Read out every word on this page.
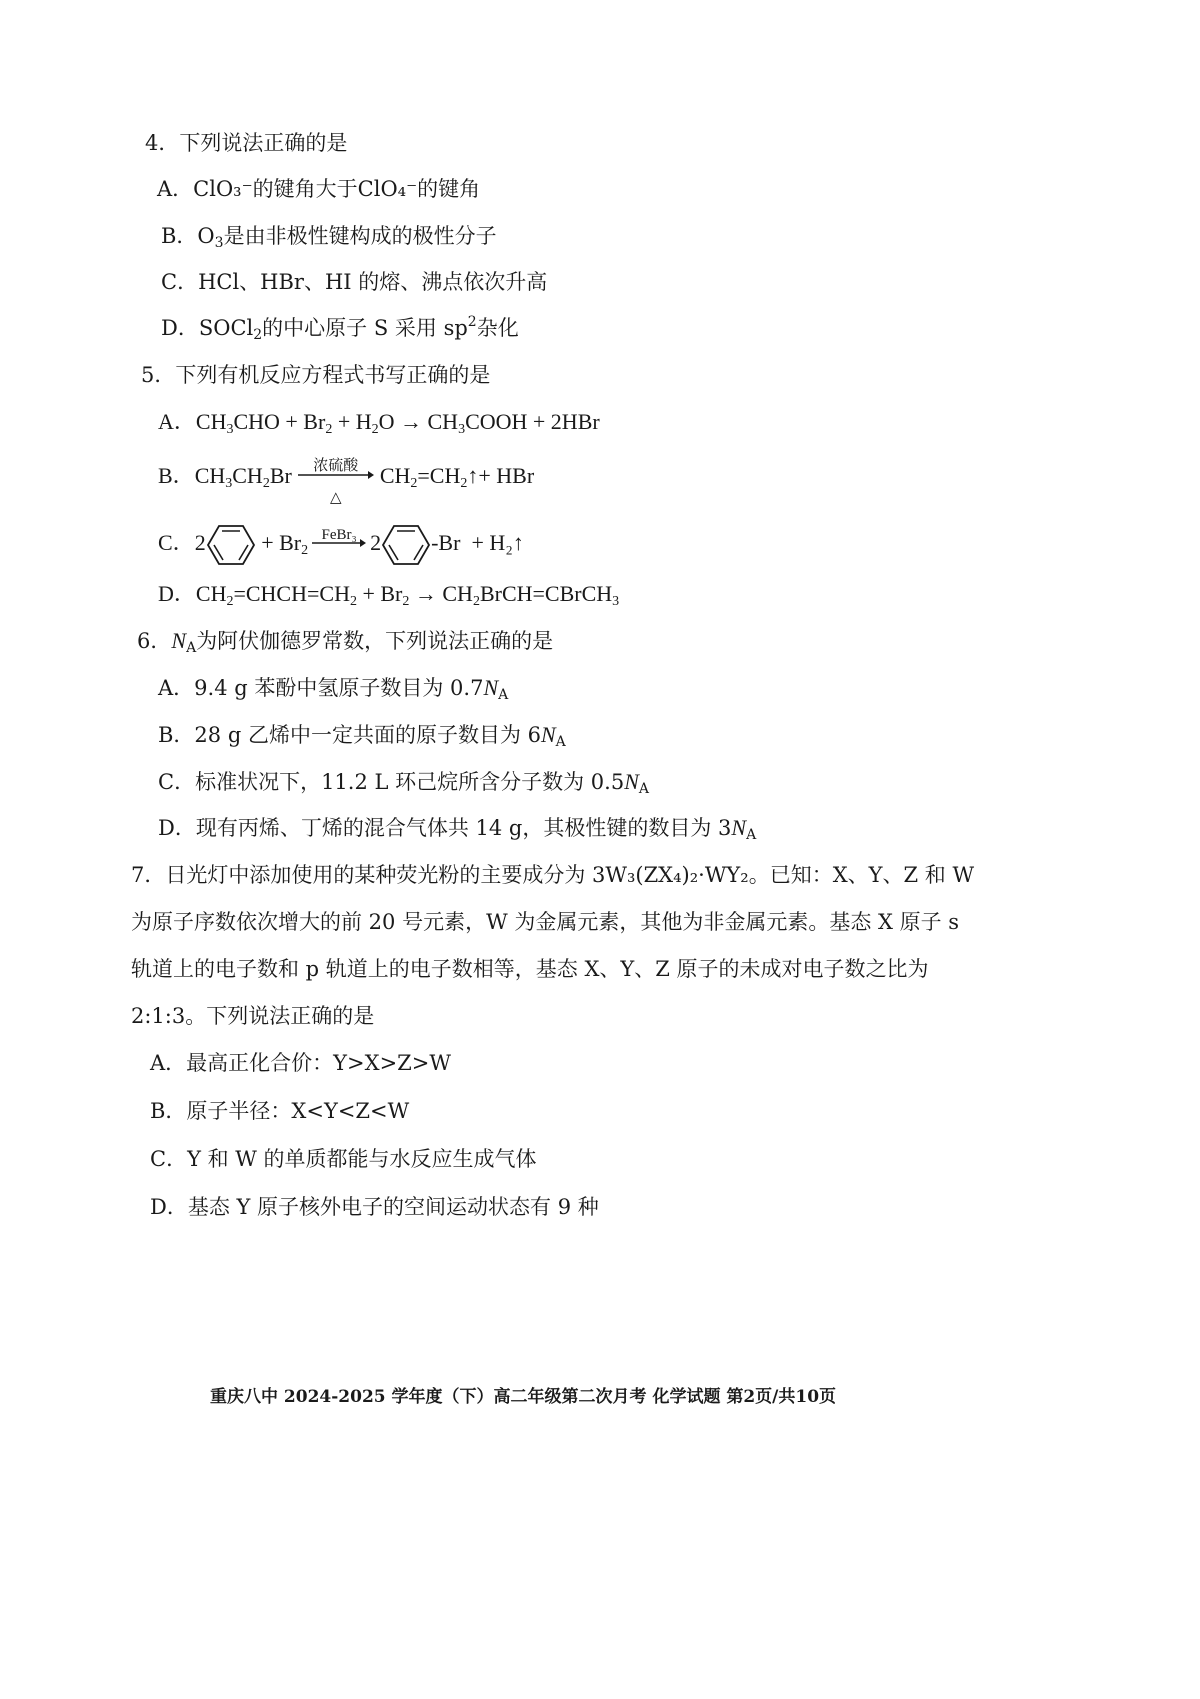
4．下列说法正确的是
A．ClO₃⁻的键角大于ClO₄⁻的键角
B．$O_3$是由非极性键构成的极性分子
C．HCl、HBr、HI 的熔、沸点依次升高
D．SOCl$_2$的中心原子 S 采用 $sp^2$杂化
5．下列有机反应方程式书写正确的是
A．$CH_3CHO + Br_2 + H_2O$ → $CH_3COOH + 2HBr$
B．$CH_3CH_2Br$	浓硫酸
△
$CH_2=CH_2↑+$ HBr
C．2	+ $Br_2$
FeBr₃ 2 -Br + H₂↑
D．$CH_2=CHCH=CH_2 + Br_2$ → $CH_2BrCH=CBrCH_3$
6．$N_A$为阿伏伽德罗常数，下列说法正确的是
A．9.4 g 苯酚中氢原子数目为 $0.7N_A$
B．28 g 乙烯中一定共面的原子数目为 $6N_A$
C．标准状况下，11.2 L 环己烷所含分子数为 $0.5N_A$
D．现有丙烯、丁烯的混合气体共 14 g，其极性键的数目为 $3N_A$
7．日光灯中添加使用的某种荧光粉的主要成分为 3W₃(ZX₄)₂·WY₂。已知：X、Y、Z 和 W
为原子序数依次增大的前 20 号元素，W 为金属元素，其他为非金属元素。基态 X 原子 s
轨道上的电子数和 p 轨道上的电子数相等，基态 X、Y、Z 原子的未成对电子数之比为
2:1:3。下列说法正确的是
A．最高正化合价：Y>X>Z>W
B．原子半径：X<Y<Z<W
C．Y 和 W 的单质都能与水反应生成气体
D．基态 Y 原子核外电子的空间运动状态有 9 种
重庆八中 2024-2025 学年度（下）高二年级第二次月考 化学试题 第2页/共10页
